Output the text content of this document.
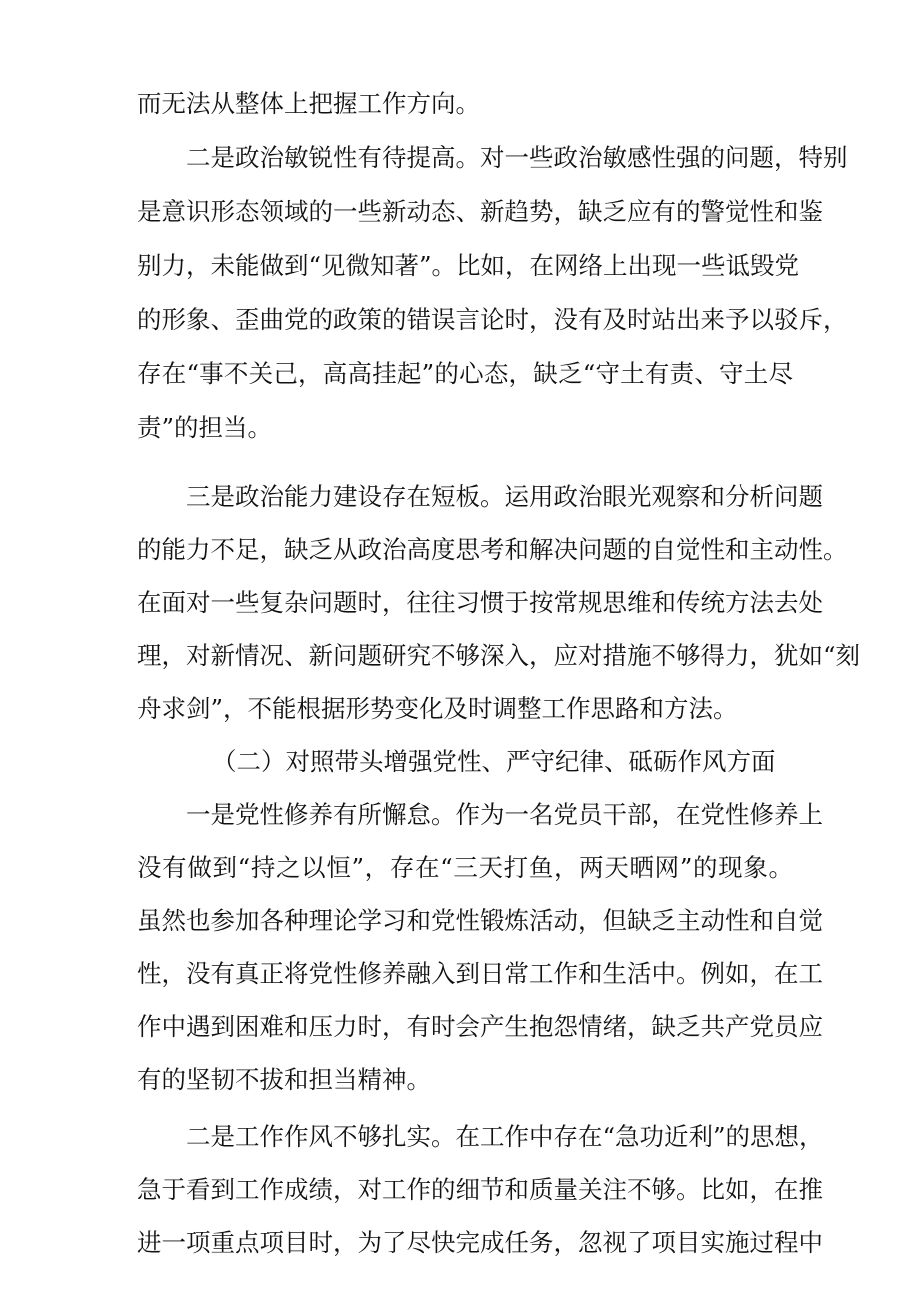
而无法从整体上把握工作方向。
二是政治敏锐性有待提高。对一些政治敏感性强的问题，特别
是意识形态领域的一些新动态、新趋势，缺乏应有的警觉性和鉴
别力，未能做到“见微知著”。比如，在网络上出现一些诋毁党
的形象、歪曲党的政策的错误言论时，没有及时站出来予以驳斥，
存在“事不关己，高高挂起”的心态，缺乏“守土有责、守土尽
责”的担当。
三是政治能力建设存在短板。运用政治眼光观察和分析问题
的能力不足，缺乏从政治高度思考和解决问题的自觉性和主动性。
在面对一些复杂问题时，往往习惯于按常规思维和传统方法去处
理，对新情况、新问题研究不够深入，应对措施不够得力，犹如“刻
舟求剑”，不能根据形势变化及时调整工作思路和方法。
（二）对照带头增强党性、严守纪律、砥砺作风方面
一是党性修养有所懈怠。作为一名党员干部，在党性修养上
没有做到“持之以恒”，存在“三天打鱼，两天晒网”的现象。
虽然也参加各种理论学习和党性锻炼活动，但缺乏主动性和自觉
性，没有真正将党性修养融入到日常工作和生活中。例如，在工
作中遇到困难和压力时，有时会产生抱怨情绪，缺乏共产党员应
有的坚韧不拔和担当精神。
二是工作作风不够扎实。在工作中存在“急功近利”的思想，
急于看到工作成绩，对工作的细节和质量关注不够。比如，在推
进一项重点项目时，为了尽快完成任务，忽视了项目实施过程中
